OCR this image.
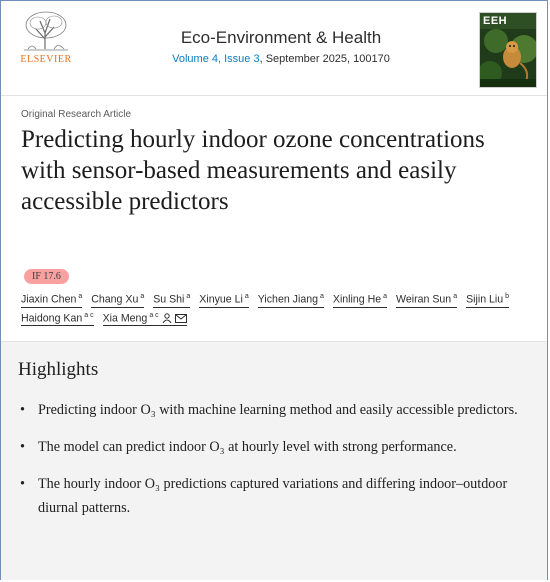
ELSEVIER
Eco-Environment & Health
Volume 4, Issue 3, September 2025, 100170
EEH
Original Research Article
Predicting hourly indoor ozone concentrations with sensor-based measurements and easily accessible predictors
IF 17.6
Jiaxin Chen $^a$ Chang Xu $^a$ Su Shi $^a$ Xinyue Li $^a$ Yichen Jiang $^a$ Xinling He $^a$ Weiran Sun $^a$ Sijin Liu $^b$ Haidong Kan $^{a c}$ Xia Meng $^{a c}$
Highlights
• Predicting indoor O₃ with machine learning method and easily accessible predictors.
• The model can predict indoor O₃ at hourly level with strong performance.
• The hourly indoor O₃ predictions captured variations and differing indoor–outdoor diurnal patterns.
